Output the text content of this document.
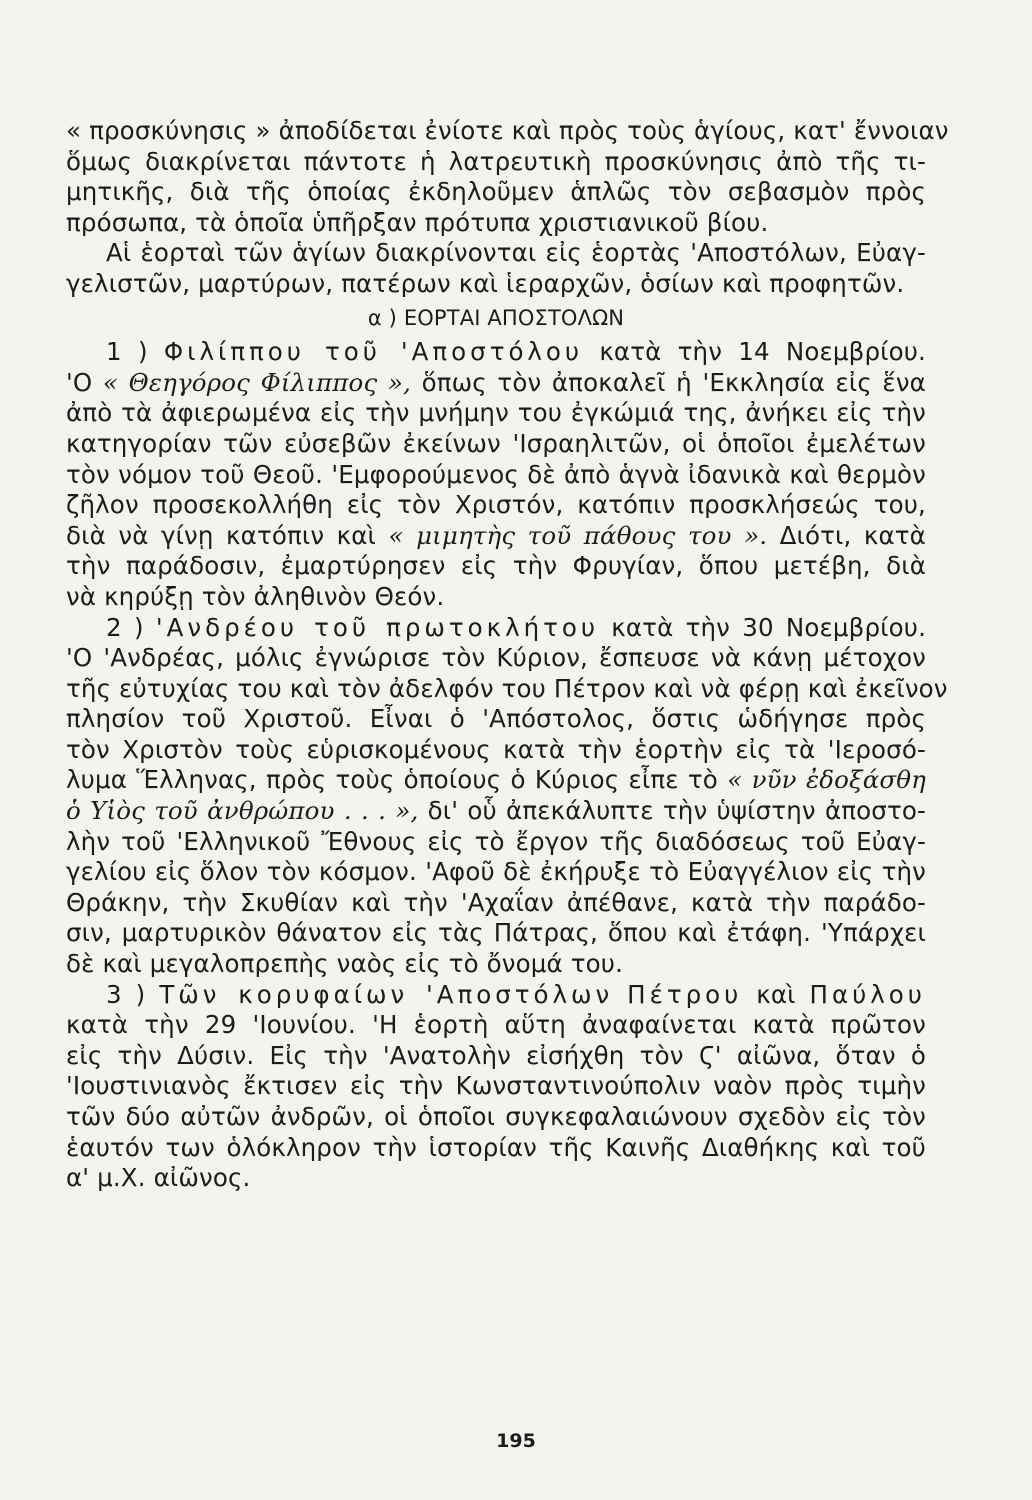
« προσκύνησις » ἀποδίδεται ἐνίοτε καὶ πρὸς τοὺς ἁγίους, κατ' ἔννοιαν
ὅμως διακρίνεται πάντοτε ἡ λατρευτικὴ προσκύνησις ἀπὸ τῆς τι-
μητικῆς, διὰ τῆς ὁποίας ἐκδηλοῦμεν ἁπλῶς τὸν σεβασμὸν πρὸς
πρόσωπα, τὰ ὁποῖα ὑπῆρξαν πρότυπα χριστιανικοῦ βίου.
Αἱ ἑορταὶ τῶν ἁγίων διακρίνονται εἰς ἑορτὰς 'Αποστόλων, Εὐαγ-
γελιστῶν, μαρτύρων, πατέρων καὶ ἱεραρχῶν, ὁσίων καὶ προφητῶν.
α ) ΕΟΡΤΑΙ ΑΠΟΣΤΟΛΩΝ
1 ) Φιλίππου τοῦ 'Αποστόλου κατὰ τὴν 14 Νοεμβρίου.
'Ο « Θεηγόρος Φίλιππος », ὅπως τὸν ἀποκαλεῖ ἡ 'Εκκλησία εἰς ἕνα
ἀπὸ τὰ ἀφιερωμένα εἰς τὴν μνήμην του ἐγκώμιά της, ἀνήκει εἰς τὴν
κατηγορίαν τῶν εὐσεβῶν ἐκείνων 'Ισραηλιτῶν, οἱ ὁποῖοι ἐμελέτων
τὸν νόμον τοῦ Θεοῦ. 'Εμφορούμενος δὲ ἀπὸ ἁγνὰ ἰδανικὰ καὶ θερμὸν
ζῆλον προσεκολλήθη εἰς τὸν Χριστόν, κατόπιν προσκλήσεώς του,
διὰ νὰ γίνῃ κατόπιν καὶ « μιμητὴς τοῦ πάθους του ». Διότι, κατὰ
τὴν παράδοσιν, ἐμαρτύρησεν εἰς τὴν Φρυγίαν, ὅπου μετέβη, διὰ
νὰ κηρύξῃ τὸν ἀληθινὸν Θεόν.
2 ) 'Ανδρέου τοῦ πρωτοκλήτου κατὰ τὴν 30 Νοεμβρίου.
'Ο 'Ανδρέας, μόλις ἐγνώρισε τὸν Κύριον, ἔσπευσε νὰ κάνῃ μέτοχον
τῆς εὐτυχίας του καὶ τὸν ἀδελφόν του Πέτρον καὶ νὰ φέρῃ καὶ ἐκεῖνον
πλησίον τοῦ Χριστοῦ. Εἶναι ὁ 'Απόστολος, ὅστις ὡδήγησε πρὸς
τὸν Χριστὸν τοὺς εὑρισκομένους κατὰ τὴν ἑορτὴν εἰς τὰ 'Ιεροσό-
λυμα Ἕλληνας, πρὸς τοὺς ὁποίους ὁ Κύριος εἶπε τὸ « νῦν ἐδοξάσθη
ὁ Υἱὸς τοῦ ἀνθρώπου . . . », δι' οὗ ἀπεκάλυπτε τὴν ὑψίστην ἀποστο-
λὴν τοῦ 'Ελληνικοῦ Ἔθνους εἰς τὸ ἔργον τῆς διαδόσεως τοῦ Εὐαγ-
γελίου εἰς ὅλον τὸν κόσμον. 'Αφοῦ δὲ ἐκήρυξε τὸ Εὐαγγέλιον εἰς τὴν
Θράκην, τὴν Σκυθίαν καὶ τὴν 'Αχαΐαν ἀπέθανε, κατὰ τὴν παράδο-
σιν, μαρτυρικὸν θάνατον εἰς τὰς Πάτρας, ὅπου καὶ ἐτάφη. 'Υπάρχει
δὲ καὶ μεγαλοπρεπὴς ναὸς εἰς τὸ ὄνομά του.
3 ) Τῶν κορυφαίων 'Αποστόλων Πέτρου καὶ Παύλου
κατὰ τὴν 29 'Ιουνίου. 'Η ἑορτὴ αὕτη ἀναφαίνεται κατὰ πρῶτον
εἰς τὴν Δύσιν. Εἰς τὴν 'Ανατολὴν εἰσήχθη τὸν Ϛ' αἰῶνα, ὅταν ὁ
'Ιουστινιανὸς ἔκτισεν εἰς τὴν Κωνσταντινούπολιν ναὸν πρὸς τιμὴν
τῶν δύο αὐτῶν ἀνδρῶν, οἱ ὁποῖοι συγκεφαλαιώνουν σχεδὸν εἰς τὸν
ἑαυτόν των ὁλόκληρον τὴν ἱστορίαν τῆς Καινῆς Διαθήκης καὶ τοῦ
α' μ.Χ. αἰῶνος.
195
